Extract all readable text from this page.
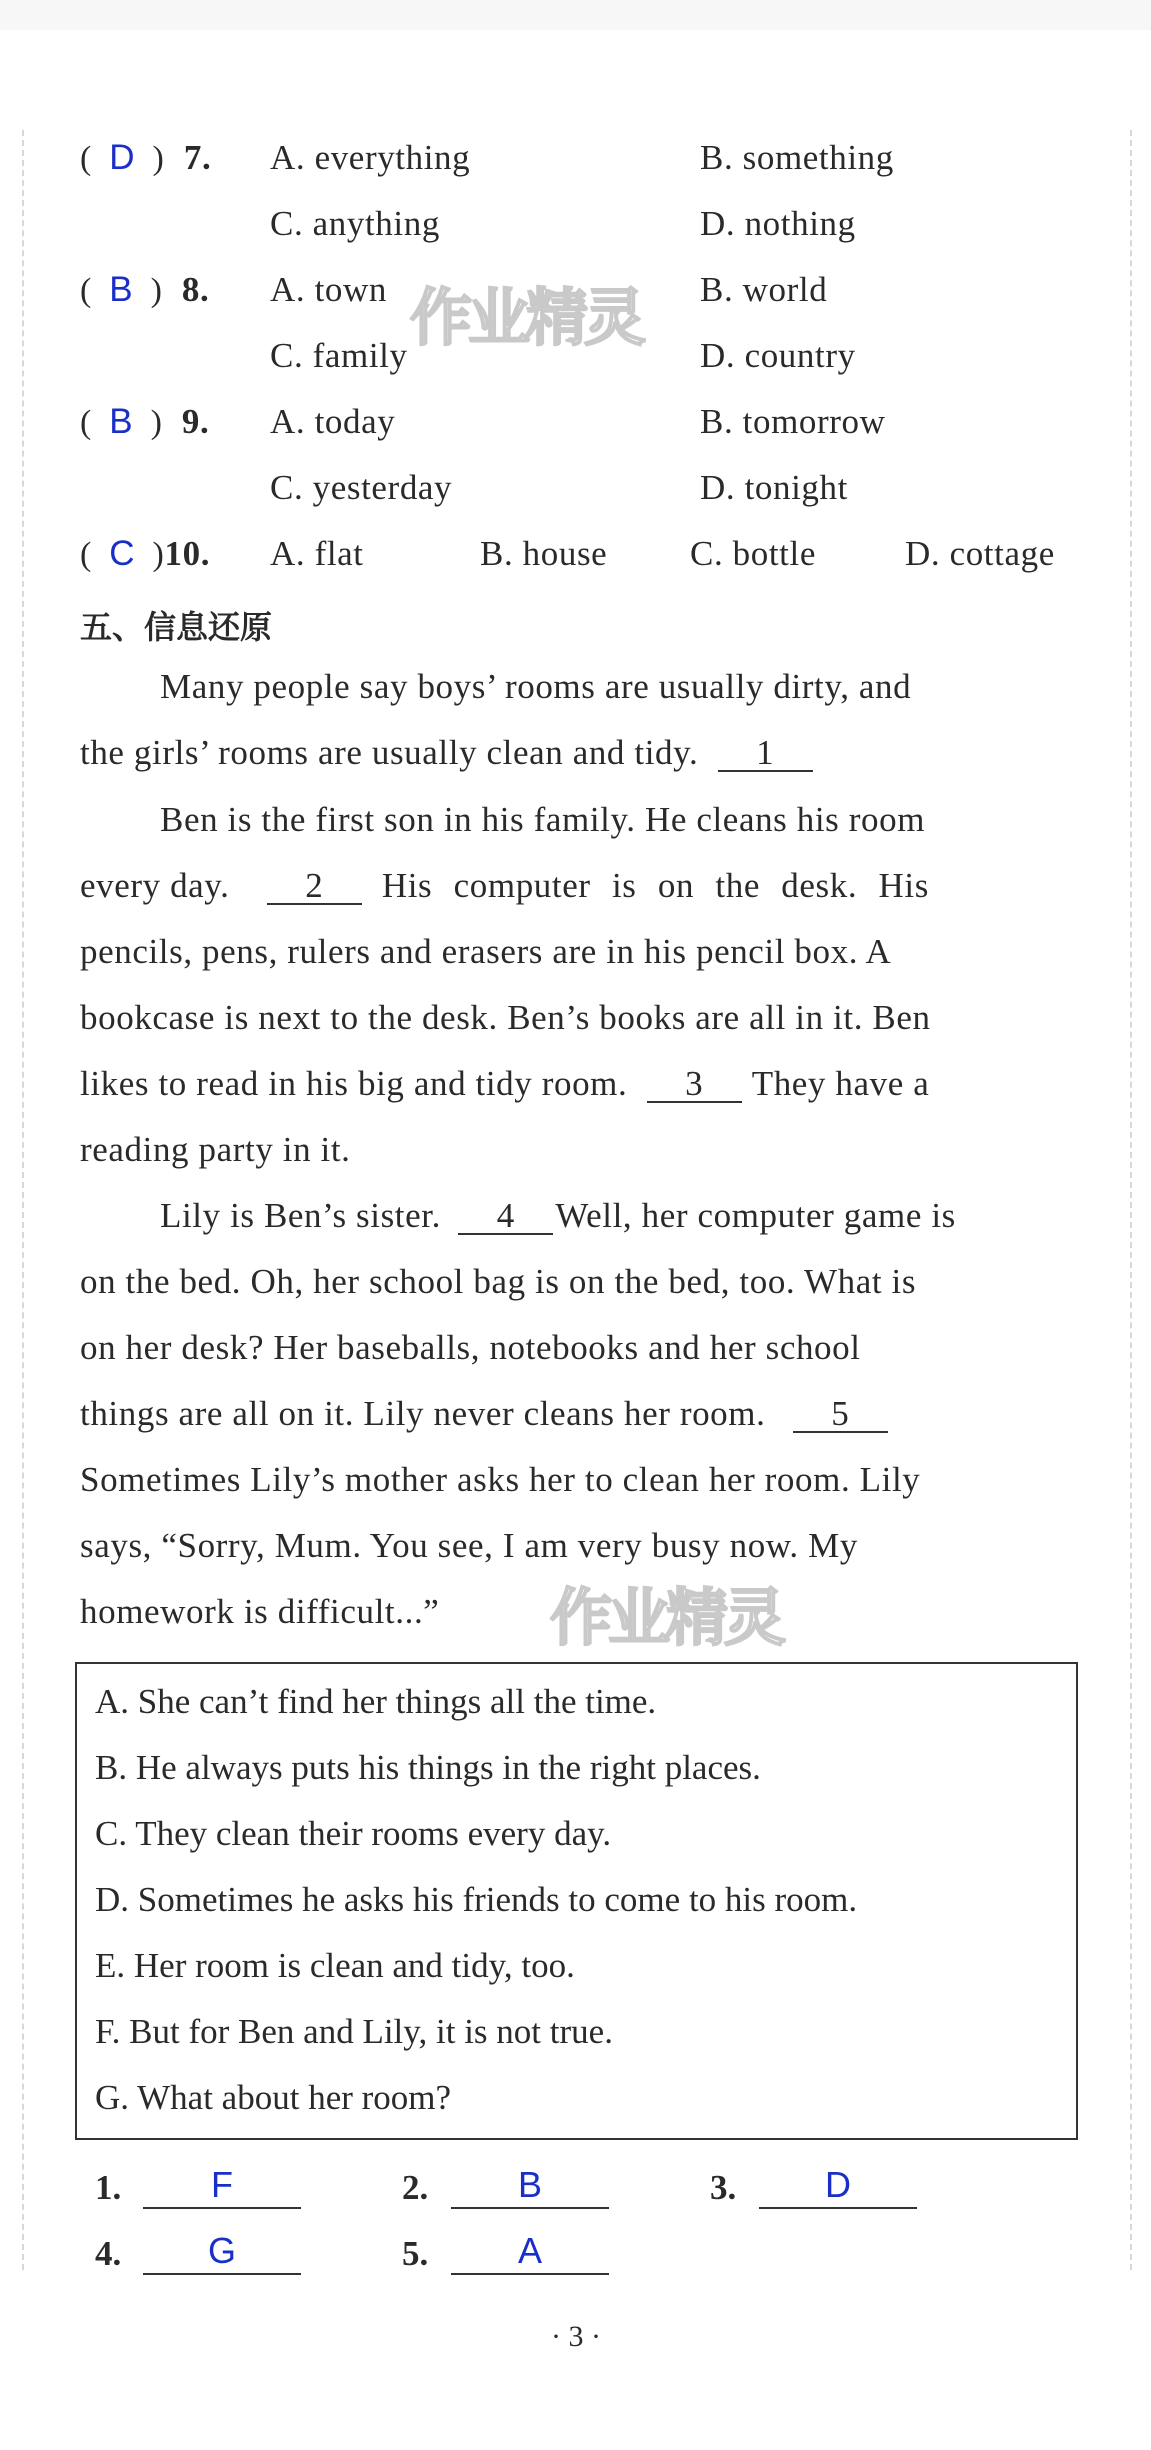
( D ) 7. A. everything	B. something
C. anything	D. nothing
( B ) 8. A. town	B. world
C. family	D. country
( B ) 9. A. today	B. tomorrow
C. yesterday	D. tonight
( C )10. A. flat	B. house C. bottle	D. cottage
五、信息还原
Many people say boys’ rooms are usually dirty, and
the girls’ rooms are usually clean and tidy. 1
Ben is the first son in his family. He cleans his room
every day. 2 His computer is on the desk. His
pencils, pens, rulers and erasers are in his pencil box. A
bookcase is next to the desk. Ben’s books are all in it. Ben
likes to read in his big and tidy room. 3 They have a
reading party in it.
Lily is Ben’s sister. 4 Well, her computer game is
on the bed. Oh, her school bag is on the bed, too. What is
on her desk? Her baseballs, notebooks and her school
things are all on it. Lily never cleans her room. 5
Sometimes Lily’s mother asks her to clean her room. Lily
says, “Sorry, Mum. You see, I am very busy now. My
homework is difficult...”
A. She can’t find her things all the time.
B. He always puts his things in the right places.
C. They clean their rooms every day.
D. Sometimes he asks his friends to come to his room.
E. Her room is clean and tidy, too.
F. But for Ben and Lily, it is not true.
G. What about her room?
1.	F	2.	B	3.	D
4.	G	5.	A
作业精灵
作业精灵
· 3 ·
